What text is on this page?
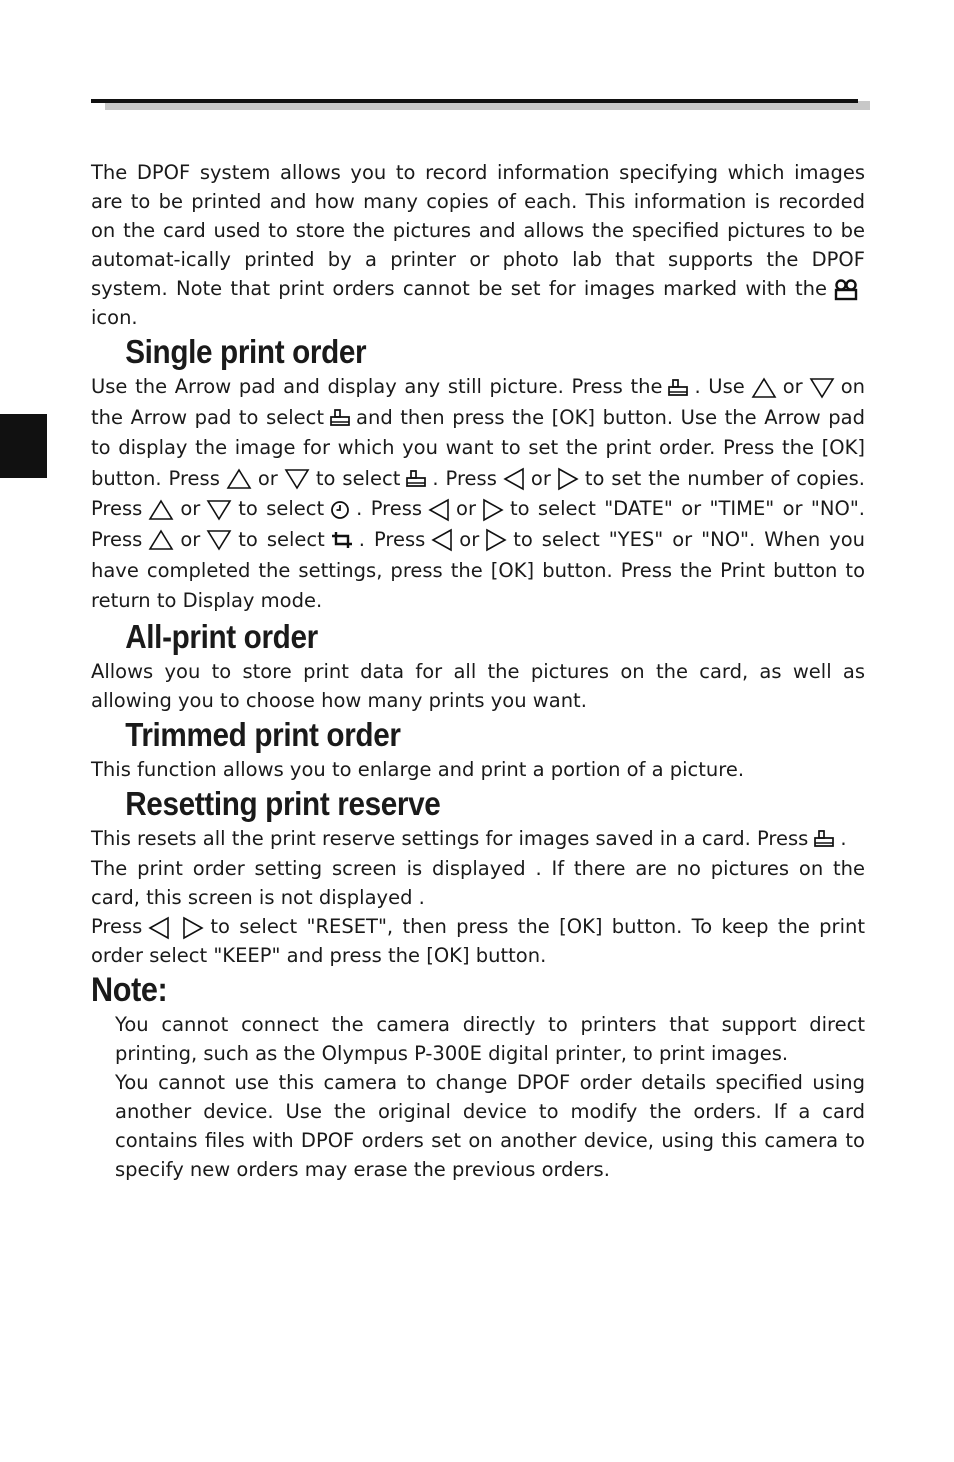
The DPOF system allows you to record information specifying which images are to be printed and how many copies of each. This information is recorded on the card used to store the pictures and allows the specified pictures to be automat-ically printed by a printer or photo lab that supports the DPOF system. Note that print orders cannot be set for images marked with the
icon.

Single print order

Use the Arrow pad and display any still picture. Press the . Use or on the Arrow pad to select and then press the [OK] button. Use the Arrow pad to display the image for which you want to set the print order. Press the [OK] button. Press or to select . Press or to set the number of copies. Press or to select . Press or to select "DATE" or "TIME" or "NO". Press or to select . Press or to select "YES" or "NO". When you have completed the settings, press the [OK] button. Press the Print button to return to Display mode.

All-print order

Allows you to store print data for all the pictures on the card, as well as allowing you to choose how many prints you want.

Trimmed print order

This function allows you to enlarge and print a portion of a picture.

Resetting print reserve

This resets all the print reserve settings for images saved in a card. Press .

The print order setting screen is displayed . If there are no pictures on the card, this screen is not displayed .

Press	to select "RESET", then press the [OK] button. To keep the print order select "KEEP" and press the [OK] button.

Note:

You cannot connect the camera directly to printers that support direct printing, such as the Olympus P-300E digital printer, to print images.

You cannot use this camera to change DPOF order details specified using another device. Use the original device to modify the orders. If a card contains files with DPOF orders set on another device, using this camera to specify new orders may erase the previous orders.
